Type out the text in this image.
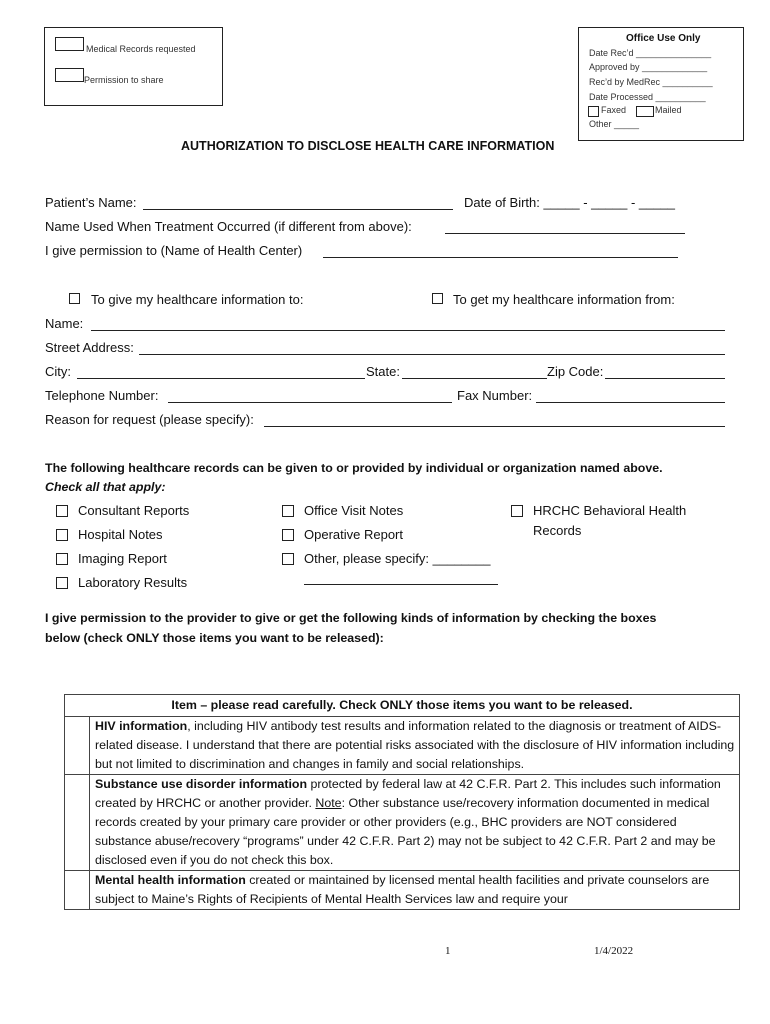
Medical Records requested
Permission to share
Office Use Only
Date Rec’d _______________
Approved by _____________
Rec’d by MedRec __________
Date Processed __________
Faxed	Mailed
Other _____
AUTHORIZATION TO DISCLOSE HEALTH CARE INFORMATION
Patient’s Name:	Date of Birth: _____ - _____ - _____
Name Used When Treatment Occurred (if different from above):
I give permission to (Name of Health Center)
To give my healthcare information to:	To get my healthcare information from:
Name:
Street Address:
City:	State:	Zip Code:
Telephone Number:	Fax Number:
Reason for request (please specify):
The following healthcare records can be given to or provided by individual or organization named above.
Check all that apply:
Consultant Reports
Hospital Notes
Imaging Report
Laboratory Results
Office Visit Notes
Operative Report
Other, please specify: ________
HRCHC Behavioral Health
Records
I give permission to the provider to give or get the following kinds of information by checking the boxes
below (check ONLY those items you want to be released):
Item – please read carefully. Check ONLY those items you want to be released.	
	HIV information, including HIV antibody test results and information related to the diagnosis or treatment of AIDS- related disease. I understand that there are potential risks associated with the disclosure of HIV information including but not limited to discrimination and changes in family and social relationships.
	Substance use disorder information protected by federal law at 42 C.F.R. Part 2. This includes such information created by HRCHC or another provider. Note: Other substance use/recovery information documented in medical records created by your primary care provider or other providers (e.g., BHC providers are NOT considered substance abuse/recovery “programs” under 42 C.F.R. Part 2) may not be subject to 42 C.F.R. Part 2 and may be disclosed even if you do not check this box.
	Mental health information created or maintained by licensed mental health facilities and private counselors are subject to Maine’s Rights of Recipients of Mental Health Services law and require your
1	1/4/2022
